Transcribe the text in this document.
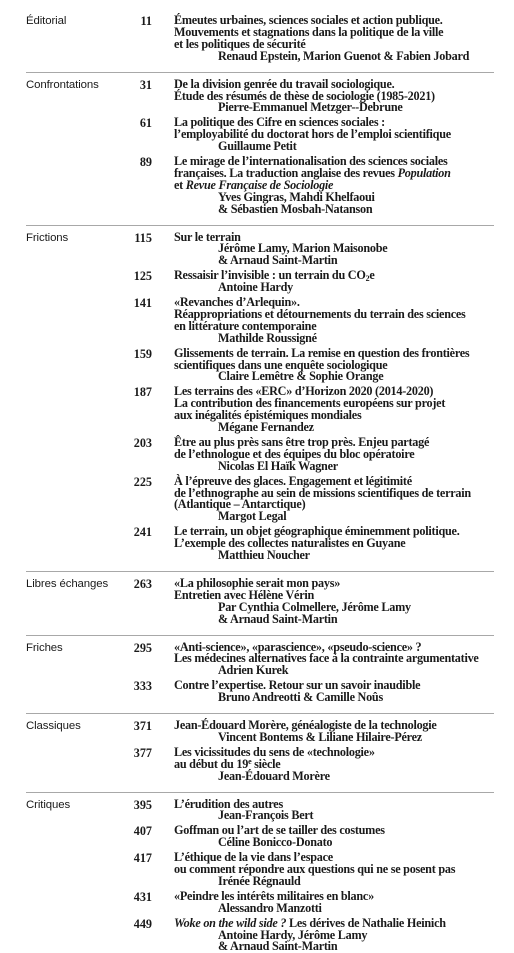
Éditorial	11 Émeutes urbaines, sciences sociales et action publique.
Mouvements et stagnations dans la politique de la ville
et les politiques de sécurité
Renaud Epstein, Marion Guenot & Fabien Jobard
Confrontations	31 De la division genrée du travail sociologique.
Étude des résumés de thèse de sociologie (1985-2021)
Pierre-Emmanuel Metzger--Debrune
61 La politique des Cifre en sciences sociales :
l’employabilité du doctorat hors de l’emploi scientifique
Guillaume Petit
89 Le mirage de l’internationalisation des sciences sociales
françaises. La traduction anglaise des revues Population
et Revue Française de Sociologie
Yves Gingras, Mahdi Khelfaoui
& Sébastien Mosbah-Natanson
Frictions	115 Sur le terrain
Jérôme Lamy, Marion Maisonobe
& Arnaud Saint-Martin
125 Ressaisir l’invisible : un terrain du $CO_2e$
Antoine Hardy
141 «Revanches d’Arlequin».
Réappropriations et détournements du terrain des sciences
en littérature contemporaine
Mathilde Roussigné
159 Glissements de terrain. La remise en question des frontières
scientifiques dans une enquête sociologique
Claire Lemêtre & Sophie Orange
187 Les terrains des «ERC» d’Horizon 2020 (2014-2020)
La contribution des financements européens sur projet
aux inégalités épistémiques mondiales
Mégane Fernandez
203 Être au plus près sans être trop près. Enjeu partagé
de l’ethnologue et des équipes du bloc opératoire
Nicolas El Haïk Wagner
225 À l’épreuve des glaces. Engagement et légitimité
de l’ethnographe au sein de missions scientifiques de terrain
(Atlantique – Antarctique)
Margot Legal
241 Le terrain, un objet géographique éminemment politique.
L’exemple des collectes naturalistes en Guyane
Matthieu Noucher
Libres échanges	263 «La philosophie serait mon pays»
Entretien avec Hélène Vérin
Par Cynthia Colmellere, Jérôme Lamy
& Arnaud Saint-Martin
Friches	295 «Anti-science», «parascience», «pseudo-science» ?
Les médecines alternatives face à la contrainte argumentative
Adrien Kurek
333 Contre l’expertise. Retour sur un savoir inaudible
Bruno Andreotti & Camille Noûs
Classiques	371 Jean-Édouard Morère, généalogiste de la technologie
Vincent Bontems & Liliane Hilaire-Pérez
377 Les vicissitudes du sens de «technologie»
au début du 19e siècle
Jean-Édouard Morère
Critiques	395 L’érudition des autres
Jean-François Bert
407 Goffman ou l’art de se tailler des costumes
Céline Bonicco-Donato
417 L’éthique de la vie dans l’espace
ou comment répondre aux questions qui ne se posent pas
Irénée Régnauld
431 «Peindre les intérêts militaires en blanc»
Alessandro Manzotti
449 Woke on the wild side ? Les dérives de Nathalie Heinich
Antoine Hardy, Jérôme Lamy
& Arnaud Saint-Martin
